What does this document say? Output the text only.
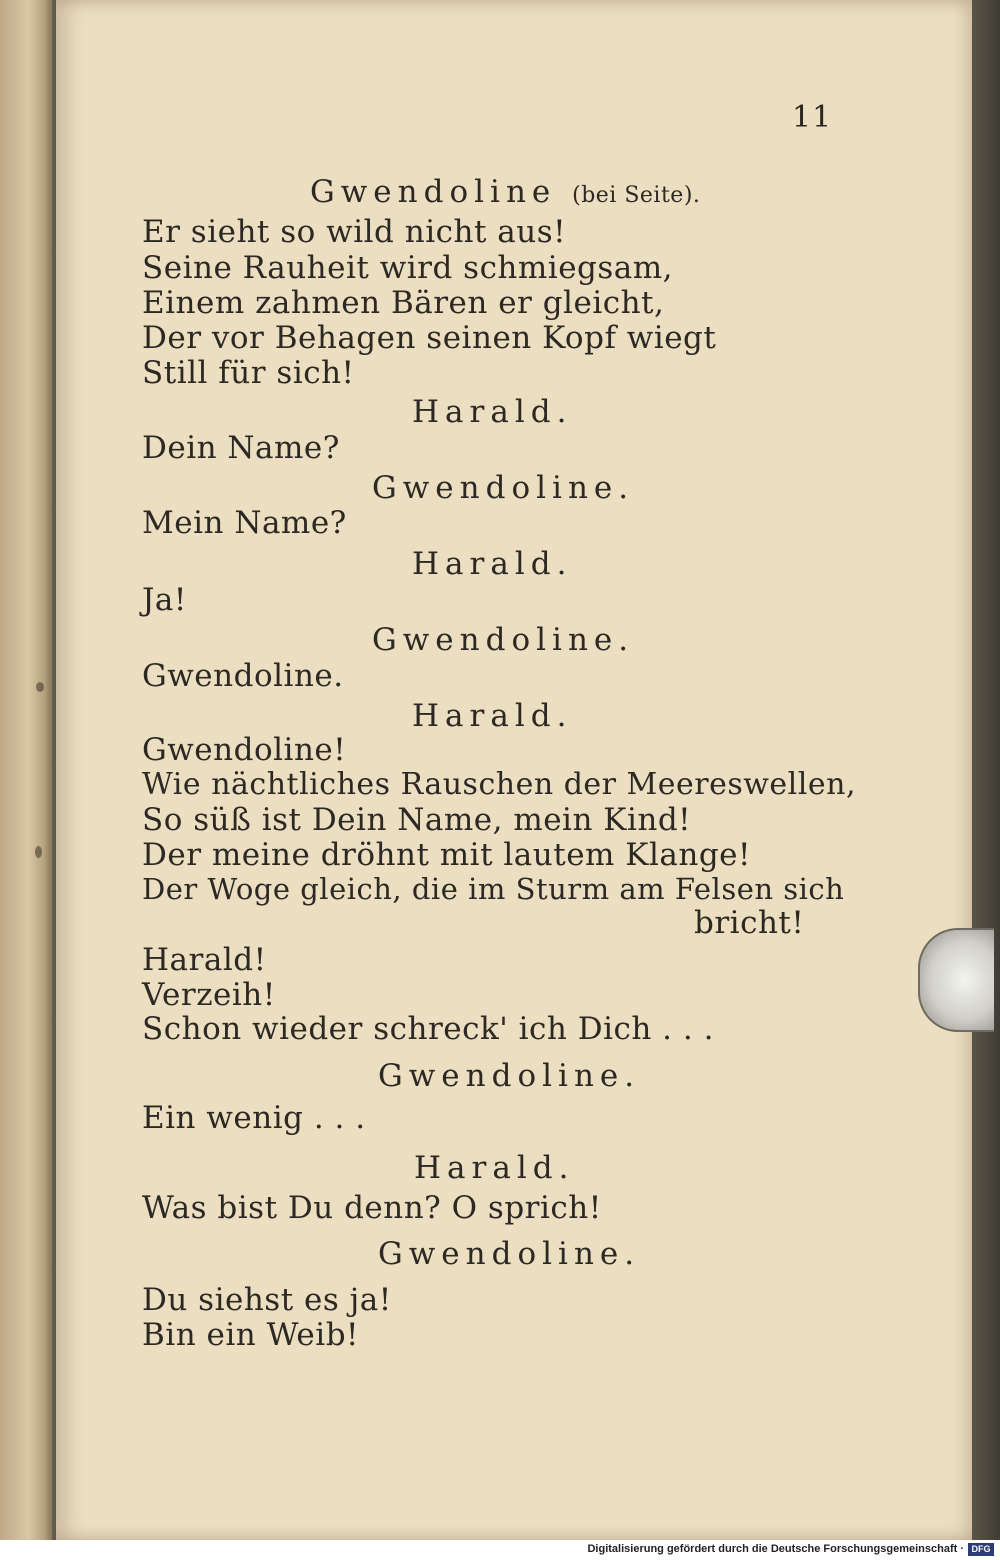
11
Gwendoline (bei Seite).
Er sieht so wild nicht aus!
Seine Rauheit wird schmiegsam,
Einem zahmen Bären er gleicht,
Der vor Behagen seinen Kopf wiegt
Still für sich!
Harald.
Dein Name?
Gwendoline.
Mein Name?
Harald.
Ja!
Gwendoline.
Gwendoline.
Harald.
Gwendoline!
Wie nächtliches Rauschen der Meereswellen,
So süß ist Dein Name, mein Kind!
Der meine dröhnt mit lautem Klange!
Der Woge gleich, die im Sturm am Felsen sich
bricht!
Harald!
Verzeih!
Schon wieder schreck' ich Dich . . .
Gwendoline.
Ein wenig . . .
Harald.
Was bist Du denn? O sprich!
Gwendoline.
Du siehst es ja!
Bin ein Weib!
Digitalisierung gefördert durch die Deutsche Forschungsgemeinschaft · DFG
